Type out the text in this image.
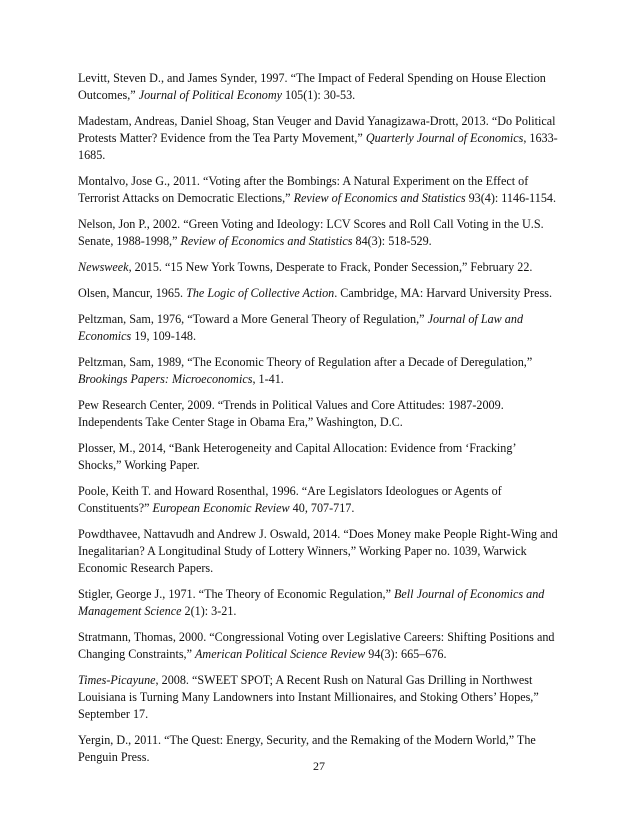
Levitt, Steven D., and James Synder, 1997. “The Impact of Federal Spending on House Election Outcomes,” Journal of Political Economy 105(1): 30-53.

Madestam, Andreas, Daniel Shoag, Stan Veuger and David Yanagizawa-Drott, 2013. “Do Political Protests Matter? Evidence from the Tea Party Movement,” Quarterly Journal of Economics, 1633-1685.

Montalvo, Jose G., 2011. “Voting after the Bombings: A Natural Experiment on the Effect of Terrorist Attacks on Democratic Elections,” Review of Economics and Statistics 93(4): 1146-1154.

Nelson, Jon P., 2002. “Green Voting and Ideology: LCV Scores and Roll Call Voting in the U.S. Senate, 1988-1998,” Review of Economics and Statistics 84(3): 518-529.

Newsweek, 2015. “15 New York Towns, Desperate to Frack, Ponder Secession,” February 22.

Olsen, Mancur, 1965. The Logic of Collective Action. Cambridge, MA: Harvard University Press.

Peltzman, Sam, 1976, “Toward a More General Theory of Regulation,” Journal of Law and Economics 19, 109-148.

Peltzman, Sam, 1989, “The Economic Theory of Regulation after a Decade of Deregulation,” Brookings Papers: Microeconomics, 1-41.

Pew Research Center, 2009. “Trends in Political Values and Core Attitudes: 1987-2009. Independents Take Center Stage in Obama Era,” Washington, D.C.

Plosser, M., 2014, “Bank Heterogeneity and Capital Allocation: Evidence from ‘Fracking’ Shocks,” Working Paper.

Poole, Keith T. and Howard Rosenthal, 1996. “Are Legislators Ideologues or Agents of Constituents?” European Economic Review 40, 707-717.

Powdthavee, Nattavudh and Andrew J. Oswald, 2014. “Does Money make People Right-Wing and Inegalitarian? A Longitudinal Study of Lottery Winners,” Working Paper no. 1039, Warwick Economic Research Papers.

Stigler, George J., 1971. “The Theory of Economic Regulation,” Bell Journal of Economics and Management Science 2(1): 3-21.

Stratmann, Thomas, 2000. “Congressional Voting over Legislative Careers: Shifting Positions and Changing Constraints,” American Political Science Review 94(3): 665–676.

Times-Picayune, 2008. “SWEET SPOT; A Recent Rush on Natural Gas Drilling in Northwest Louisiana is Turning Many Landowners into Instant Millionaires, and Stoking Others’ Hopes,” September 17.

Yergin, D., 2011. “The Quest: Energy, Security, and the Remaking of the Modern World,” The Penguin Press.

27
